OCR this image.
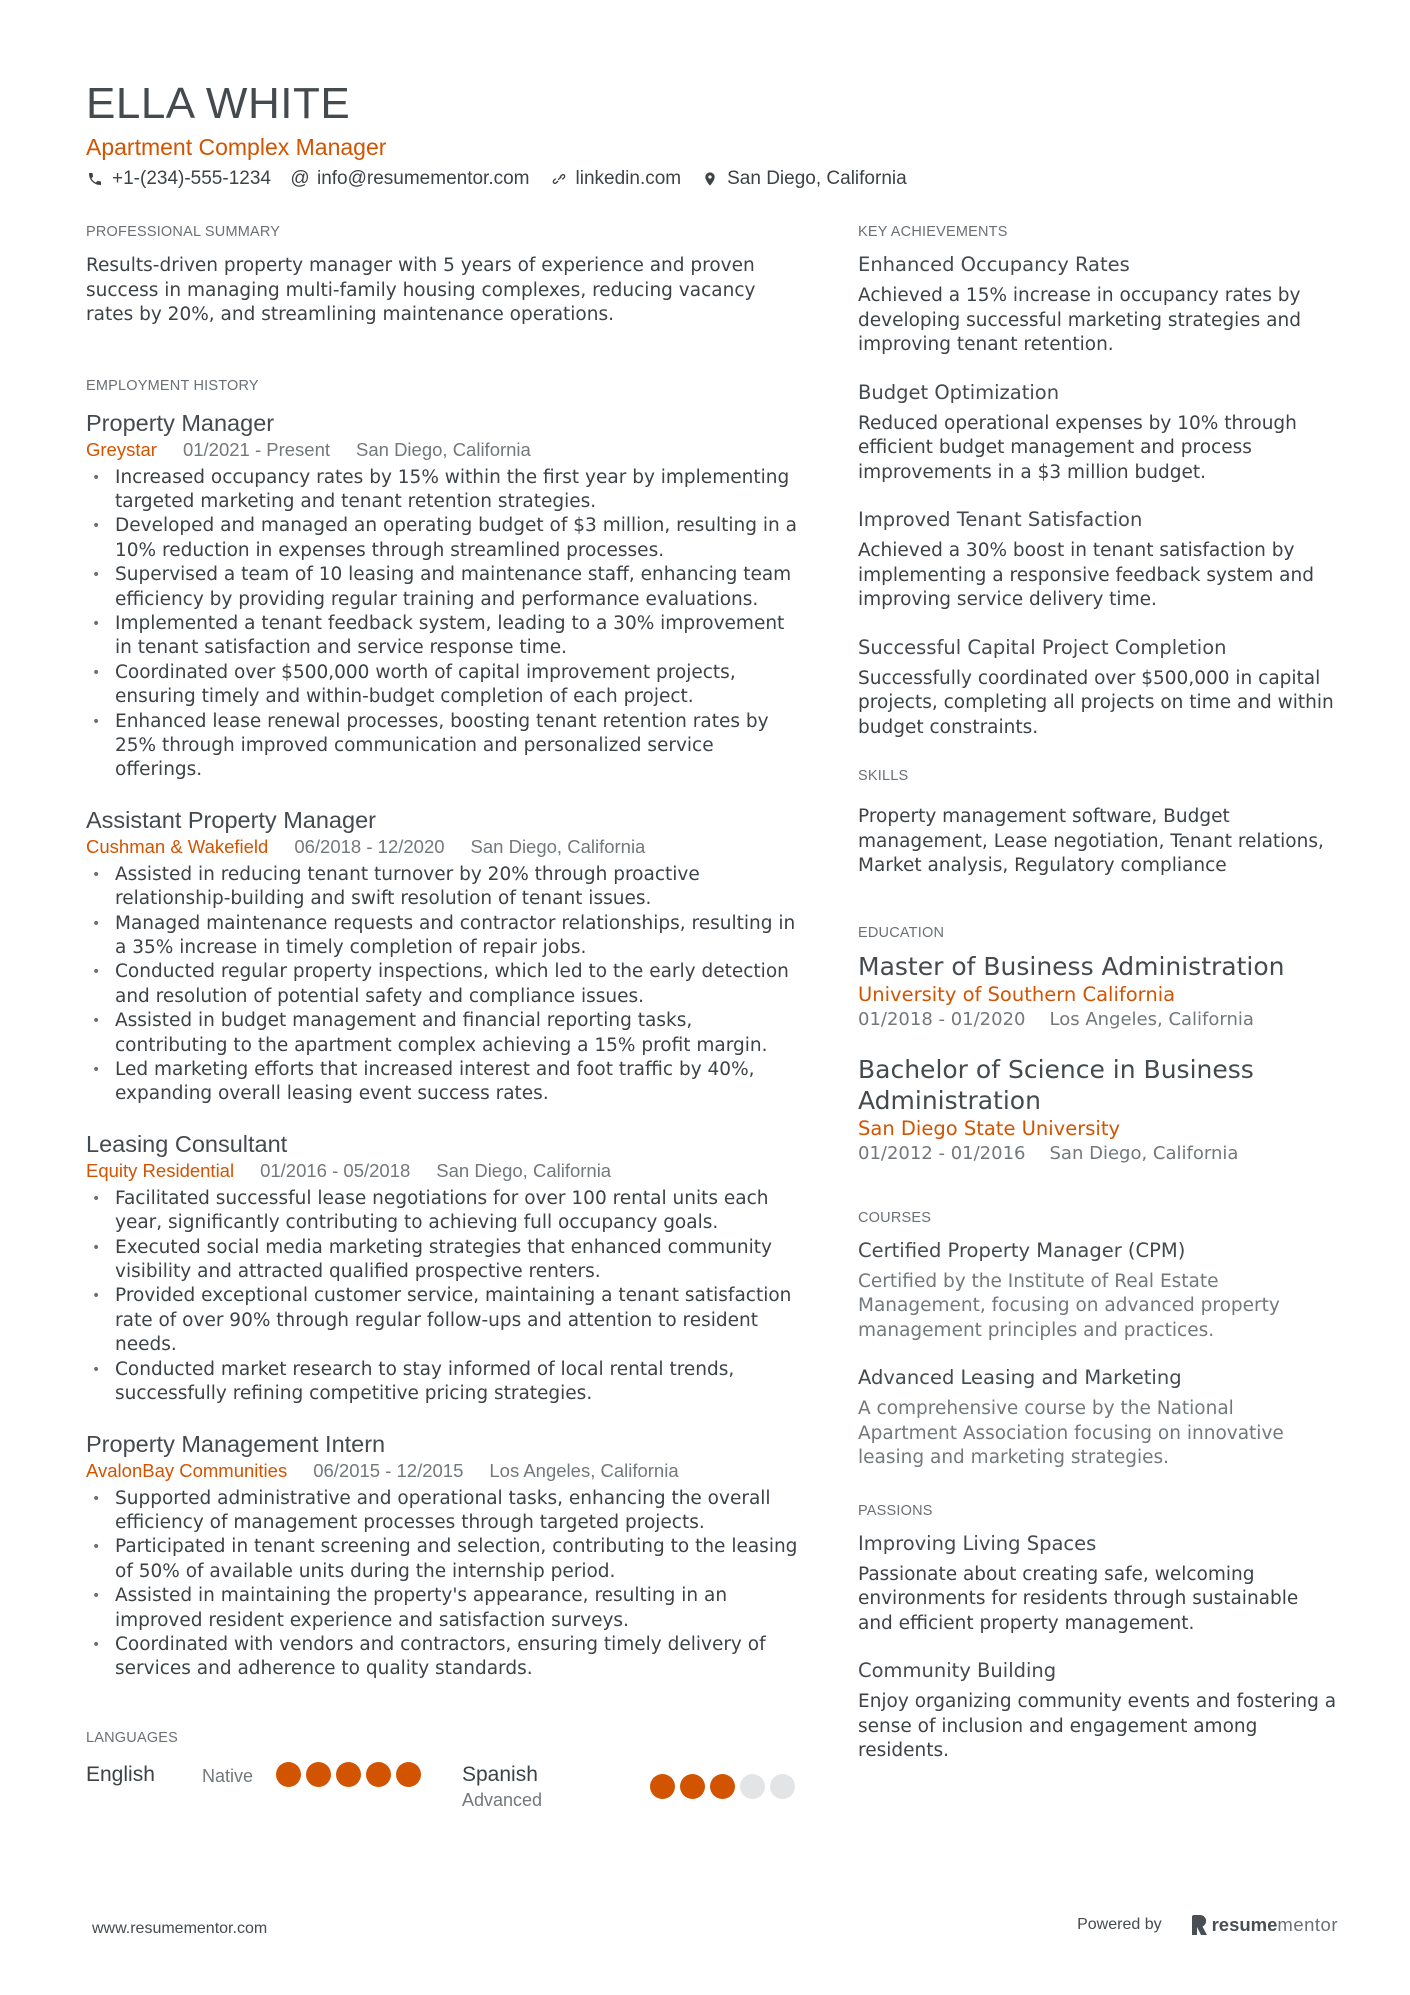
ELLA WHITE
Apartment Complex Manager
+1-(234)-555-1234 @ info@resumementor.com linkedin.com San Diego, California
PROFESSIONAL SUMMARY
Results-driven property manager with 5 years of experience and proven success in managing multi-family housing complexes, reducing vacancy rates by 20%, and streamlining maintenance operations.
EMPLOYMENT HISTORY
Property Manager
Greystar 01/2021 - Present San Diego, California
• Increased occupancy rates by 15% within the first year by implementing targeted marketing and tenant retention strategies.
• Developed and managed an operating budget of $3 million, resulting in a 10% reduction in expenses through streamlined processes.
• Supervised a team of 10 leasing and maintenance staff, enhancing team efficiency by providing regular training and performance evaluations.
• Implemented a tenant feedback system, leading to a 30% improvement in tenant satisfaction and service response time.
• Coordinated over $500,000 worth of capital improvement projects, ensuring timely and within-budget completion of each project.
• Enhanced lease renewal processes, boosting tenant retention rates by 25% through improved communication and personalized service offerings.
Assistant Property Manager
Cushman & Wakefield 06/2018 - 12/2020 San Diego, California
• Assisted in reducing tenant turnover by 20% through proactive relationship-building and swift resolution of tenant issues.
• Managed maintenance requests and contractor relationships, resulting in a 35% increase in timely completion of repair jobs.
• Conducted regular property inspections, which led to the early detection and resolution of potential safety and compliance issues.
• Assisted in budget management and financial reporting tasks, contributing to the apartment complex achieving a 15% profit margin.
• Led marketing efforts that increased interest and foot traffic by 40%, expanding overall leasing event success rates.
Leasing Consultant
Equity Residential 01/2016 - 05/2018 San Diego, California
• Facilitated successful lease negotiations for over 100 rental units each year, significantly contributing to achieving full occupancy goals.
• Executed social media marketing strategies that enhanced community visibility and attracted qualified prospective renters.
• Provided exceptional customer service, maintaining a tenant satisfaction rate of over 90% through regular follow-ups and attention to resident needs.
• Conducted market research to stay informed of local rental trends, successfully refining competitive pricing strategies.
Property Management Intern
AvalonBay Communities 06/2015 - 12/2015 Los Angeles, California
• Supported administrative and operational tasks, enhancing the overall efficiency of management processes through targeted projects.
• Participated in tenant screening and selection, contributing to the leasing of 50% of available units during the internship period.
• Assisted in maintaining the property's appearance, resulting in an improved resident experience and satisfaction surveys.
• Coordinated with vendors and contractors, ensuring timely delivery of services and adherence to quality standards.
LANGUAGES
English	Native	Spanish
Advanced
KEY ACHIEVEMENTS
Enhanced Occupancy Rates
Achieved a 15% increase in occupancy rates by developing successful marketing strategies and improving tenant retention.
Budget Optimization
Reduced operational expenses by 10% through efficient budget management and process improvements in a $3 million budget.
Improved Tenant Satisfaction
Achieved a 30% boost in tenant satisfaction by implementing a responsive feedback system and improving service delivery time.
Successful Capital Project Completion
Successfully coordinated over $500,000 in capital projects, completing all projects on time and within budget constraints.
SKILLS
Property management software, Budget management, Lease negotiation, Tenant relations, Market analysis, Regulatory compliance
EDUCATION
Master of Business Administration
University of Southern California
01/2018 - 01/2020 Los Angeles, California
Bachelor of Science in Business Administration
San Diego State University
01/2012 - 01/2016 San Diego, California
COURSES
Certified Property Manager (CPM)
Certified by the Institute of Real Estate Management, focusing on advanced property management principles and practices.
Advanced Leasing and Marketing
A comprehensive course by the National Apartment Association focusing on innovative leasing and marketing strategies.
PASSIONS
Improving Living Spaces
Passionate about creating safe, welcoming environments for residents through sustainable and efficient property management.
Community Building
Enjoy organizing community events and fostering a sense of inclusion and engagement among residents.
www.resumementor.com	Powered by	resume mentor
